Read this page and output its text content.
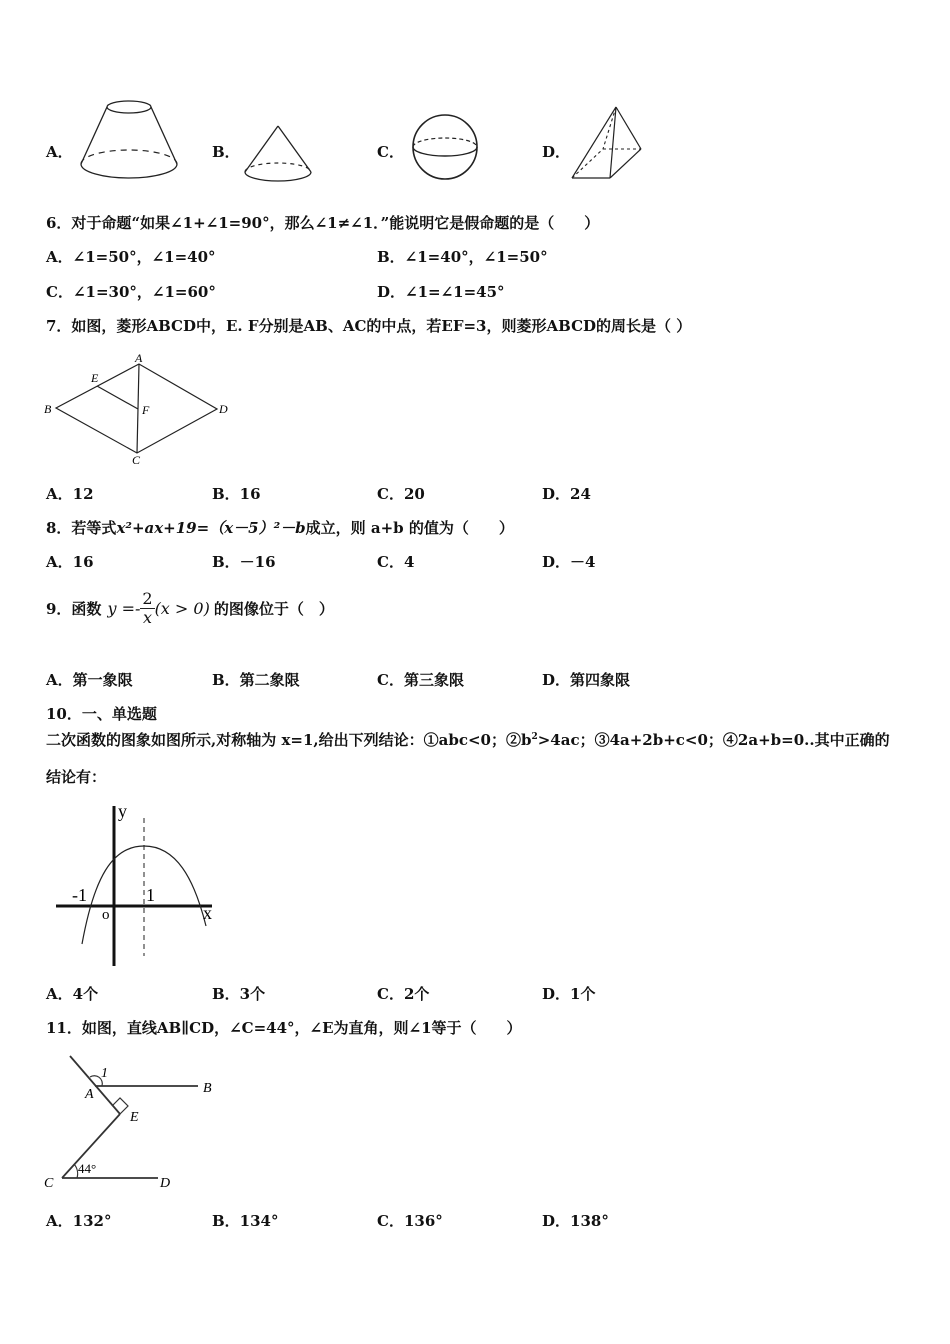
A．	B．	C．	D．
6．对于命题“如果∠1+∠1=90°，那么∠1≠∠1．”能说明它是假命题的是（　　）
A．∠1=50°，∠1=40°	B．∠1=40°，∠1=50°
C．∠1=30°，∠1=60°	D．∠1=∠1=45°
7．如图，菱形ABCD中，E. F分别是AB、AC的中点，若EF=3，则菱形ABCD的周长是（ ）
A
B
C
D
E
F
A．12	B．16	C．20	D．24
8．若等式x²+ax+19=（x－5）²－b成立，则 a+b 的值为（　　）
A．16	B．－16	C．4	D．－4
9．函数 $y =- \frac{2}{x} (x > 0)$ 的图像位于（　）
A．第一象限	B．第二象限	C．第三象限	D．第四象限
10．一、单选题
二次函数的图象如图所示,对称轴为 x=1,给出下列结论：①abc<0；$②b^2>4ac$；③4a+2b+c<0；④2a+b=0..其中正确的
结论有：
y
x
-1	1
o
A．4个	B．3个	C．2个	D．1个
11．如图，直线AB∥CD，∠C=44°，∠E为直角，则∠1等于（　　）
1
A	B
E
C	D
44°
A．132°	B．134°	C．136°	D．138°
